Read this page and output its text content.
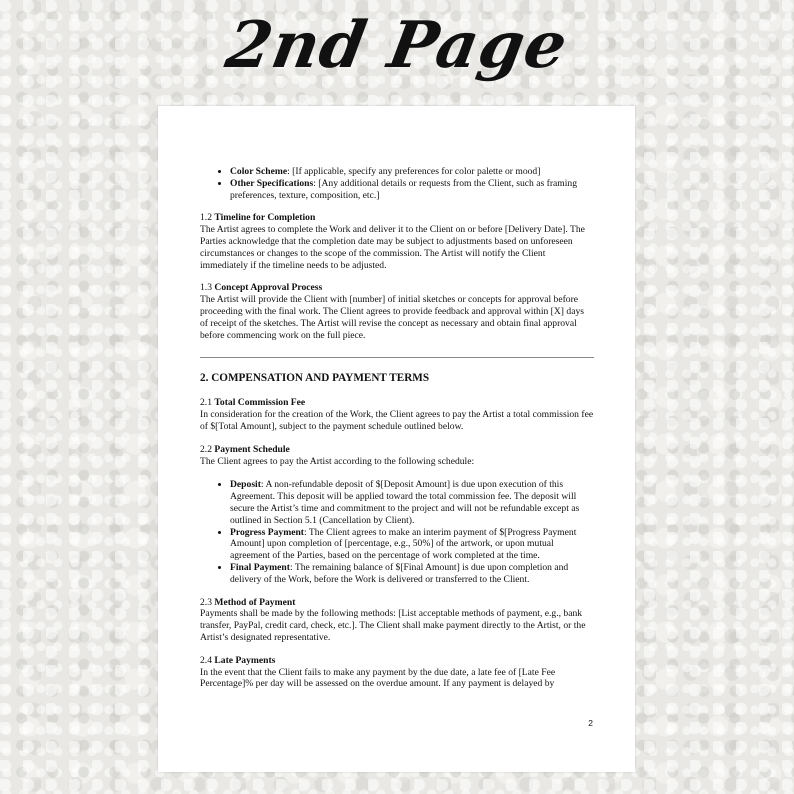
2nd Page
• Color Scheme: [If applicable, specify any preferences for color palette or mood]
• Other Specifications: [Any additional details or requests from the Client, such as framing preferences, texture, composition, etc.]

1.2 Timeline for Completion

The Artist agrees to complete the Work and deliver it to the Client on or before [Delivery Date]. The Parties acknowledge that the completion date may be subject to adjustments based on unforeseen circumstances or changes to the scope of the commission. The Artist will notify the Client immediately if the timeline needs to be adjusted.

1.3 Concept Approval Process

The Artist will provide the Client with [number] of initial sketches or concepts for approval before proceeding with the final work. The Client agrees to provide feedback and approval within [X] days of receipt of the sketches. The Artist will revise the concept as necessary and obtain final approval before commencing work on the full piece.

2. COMPENSATION AND PAYMENT TERMS

2.1 Total Commission Fee

In consideration for the creation of the Work, the Client agrees to pay the Artist a total commission fee of $[Total Amount], subject to the payment schedule outlined below.

2.2 Payment Schedule

The Client agrees to pay the Artist according to the following schedule:

• Deposit: A non-refundable deposit of $[Deposit Amount] is due upon execution of this Agreement. This deposit will be applied toward the total commission fee. The deposit will secure the Artist’s time and commitment to the project and will not be refundable except as outlined in Section 5.1 (Cancellation by Client).
• Progress Payment: The Client agrees to make an interim payment of $[Progress Payment Amount] upon completion of [percentage, e.g., 50%] of the artwork, or upon mutual agreement of the Parties, based on the percentage of work completed at the time.
• Final Payment: The remaining balance of $[Final Amount] is due upon completion and delivery of the Work, before the Work is delivered or transferred to the Client.

2.3 Method of Payment

Payments shall be made by the following methods: [List acceptable methods of payment, e.g., bank transfer, PayPal, credit card, check, etc.]. The Client shall make payment directly to the Artist, or the Artist’s designated representative.

2.4 Late Payments

In the event that the Client fails to make any payment by the due date, a late fee of [Late Fee Percentage]% per day will be assessed on the overdue amount. If any payment is delayed by

2
